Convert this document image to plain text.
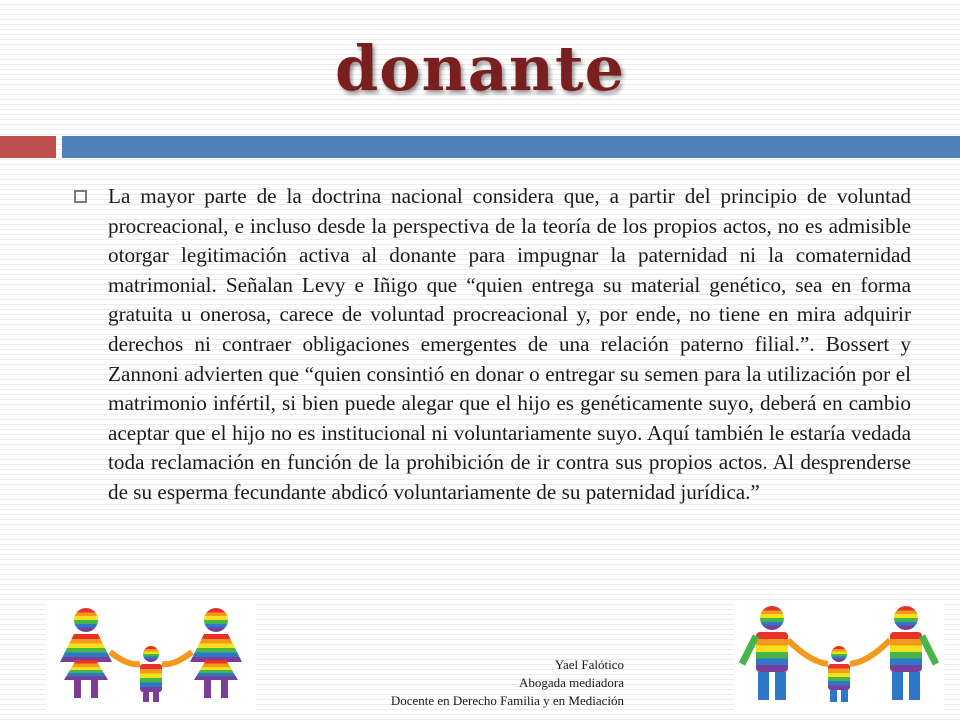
donante

La mayor parte de la doctrina nacional considera que, a partir del principio de voluntad procreacional, e incluso desde la perspectiva de la teoría de los propios actos, no es admisible otorgar legitimación activa al donante para impugnar la paternidad ni la comaternidad matrimonial. Señalan Levy e Iñigo que “quien entrega su material genético, sea en forma gratuita u onerosa, carece de voluntad procreacional y, por ende, no tiene en mira adquirir derechos ni contraer obligaciones emergentes de una relación paterno filial.”. Bossert y Zannoni advierten que “quien consintió en donar o entregar su semen para la utilización por el matrimonio infértil, si bien puede alegar que el hijo es genéticamente suyo, deberá en cambio aceptar que el hijo no es institucional ni voluntariamente suyo. Aquí también le estaría vedada toda reclamación en función de la prohibición de ir contra sus propios actos. Al desprenderse de su esperma fecundante abdicó voluntariamente de su paternidad jurídica.”

Yael Falótico
Abogada mediadora
Docente en Derecho Familia y en Mediación
